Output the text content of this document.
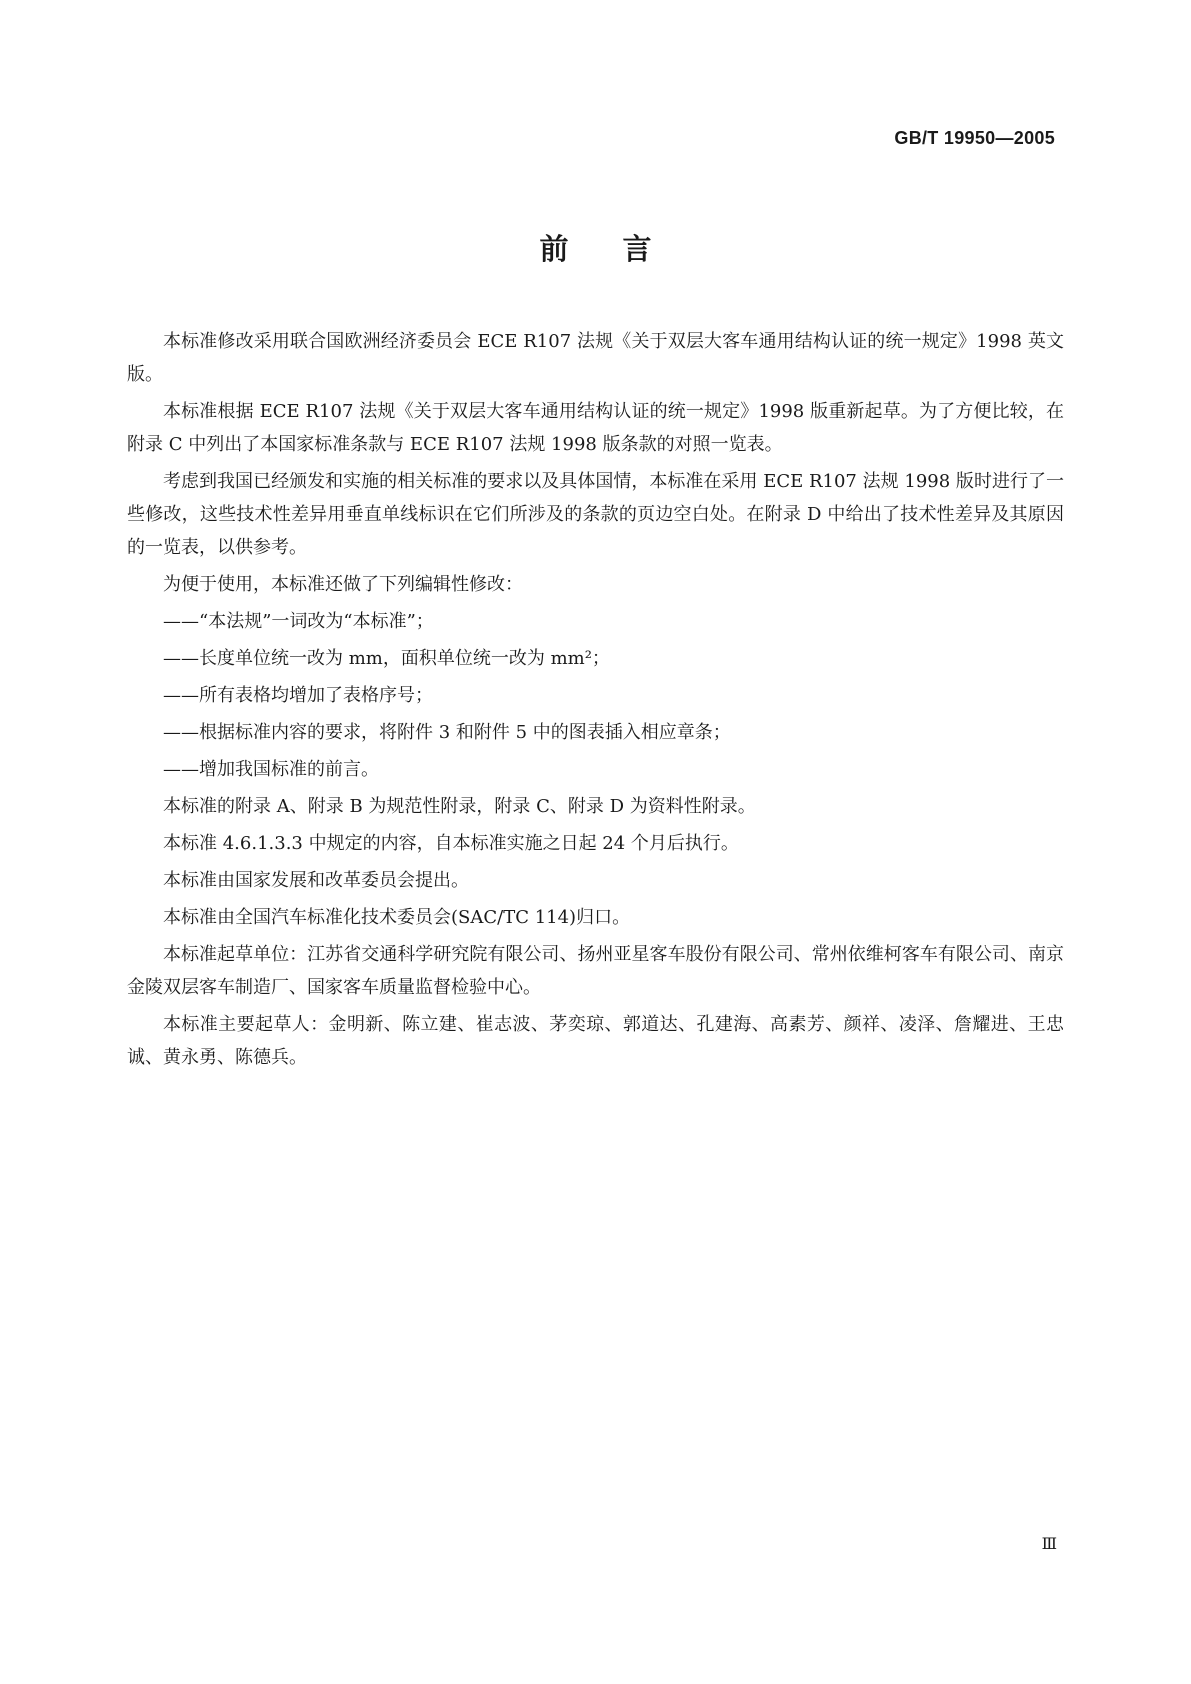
GB/T 19950—2005
前言

本标准修改采用联合国欧洲经济委员会 ECE R107 法规《关于双层大客车通用结构认证的统一规定》1998 英文版。

本标准根据 ECE R107 法规《关于双层大客车通用结构认证的统一规定》1998 版重新起草。为了方便比较，在附录 C 中列出了本国家标准条款与 ECE R107 法规 1998 版条款的对照一览表。

考虑到我国已经颁发和实施的相关标准的要求以及具体国情，本标准在采用 ECE R107 法规 1998 版时进行了一些修改，这些技术性差异用垂直单线标识在它们所涉及的条款的页边空白处。在附录 D 中给出了技术性差异及其原因的一览表，以供参考。

为便于使用，本标准还做了下列编辑性修改：

——“本法规”一词改为“本标准”；

——长度单位统一改为 mm，面积单位统一改为 mm²；

——所有表格均增加了表格序号；

——根据标准内容的要求，将附件 3 和附件 5 中的图表插入相应章条；

——增加我国标准的前言。

本标准的附录 A、附录 B 为规范性附录，附录 C、附录 D 为资料性附录。

本标准 4.6.1.3.3 中规定的内容，自本标准实施之日起 24 个月后执行。

本标准由国家发展和改革委员会提出。

本标准由全国汽车标准化技术委员会(SAC/TC 114)归口。

本标准起草单位：江苏省交通科学研究院有限公司、扬州亚星客车股份有限公司、常州依维柯客车有限公司、南京金陵双层客车制造厂、国家客车质量监督检验中心。

本标准主要起草人：金明新、陈立建、崔志波、茅奕琼、郭道达、孔建海、高素芳、颜祥、凌泽、詹耀进、王忠诚、黄永勇、陈德兵。

Ⅲ
